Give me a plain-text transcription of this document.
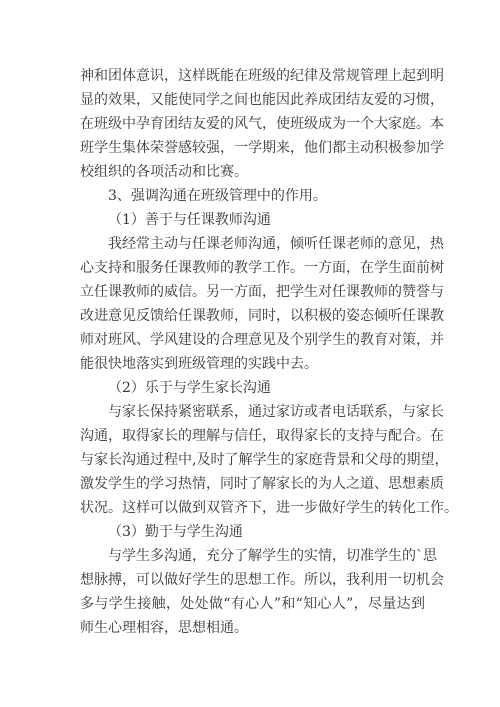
神和团体意识，这样既能在班级的纪律及常规管理上起到明
显的效果，又能使同学之间也能因此养成团结友爱的习惯，
在班级中孕育团结友爱的风气，使班级成为一个大家庭。本
班学生集体荣誉感较强，一学期来，他们都主动积极参加学
校组织的各项活动和比赛。
3、强调沟通在班级管理中的作用。
（1）善于与任课教师沟通
我经常主动与任课老师沟通，倾听任课老师的意见，热
心支持和服务任课教师的教学工作。一方面，在学生面前树
立任课教师的威信。另一方面，把学生对任课教师的赞誉与
改进意见反馈给任课教师，同时，以积极的姿态倾听任课教
师对班风、学风建设的合理意见及个别学生的教育对策，并
能很快地落实到班级管理的实践中去。
（2）乐于与学生家长沟通
与家长保持紧密联系，通过家访或者电话联系，与家长
沟通，取得家长的理解与信任，取得家长的支持与配合。在
与家长沟通过程中,及时了解学生的家庭背景和父母的期望，
激发学生的学习热情，同时了解家长的为人之道、思想素质
状况。这样可以做到双管齐下，进一步做好学生的转化工作。
（3）勤于与学生沟通
与学生多沟通，充分了解学生的实情，切准学生的`思
想脉搏，可以做好学生的思想工作。所以，我利用一切机会
多与学生接触，处处做“有心人”和“知心人”，尽量达到
师生心理相容，思想相通。
